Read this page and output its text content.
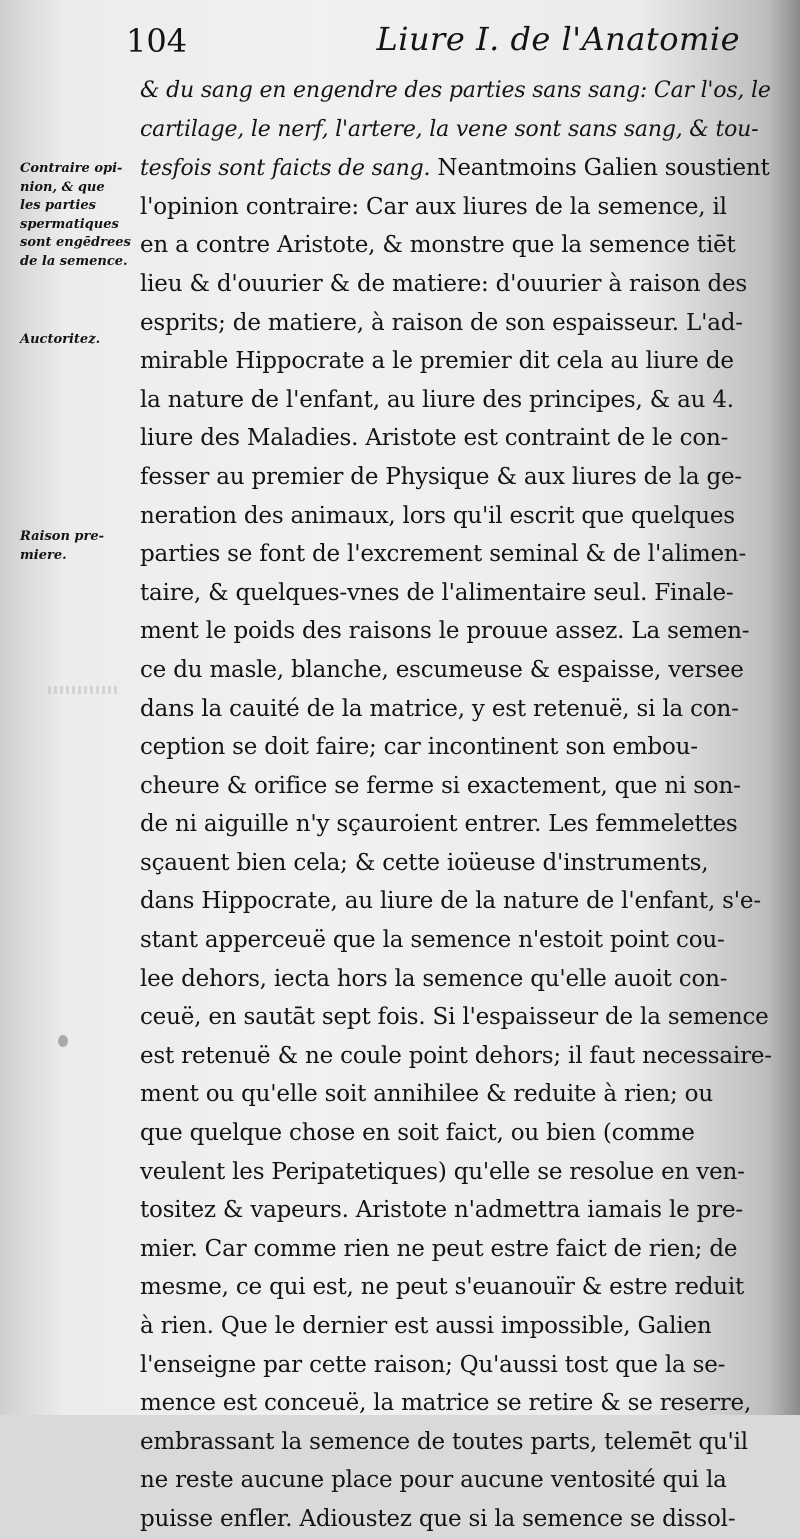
104	Liure I. de l'Anatomie
Contraire opi-
nion, & que
les parties
spermatiques
sont engēdrees
de la semence.
Auctoritez.
Raison pre-
miere.
& du sang en engendre des parties sans sang: Car l'os, le
cartilage, le nerf, l'artere, la vene sont sans sang, & tou-
tesfois sont faicts de sang. Neantmoins Galien soustient
l'opinion contraire: Car aux liures de la semence, il
en a contre Aristote, & monstre que la semence tiēt
lieu & d'ouurier & de matiere: d'ouurier à raison des
esprits; de matiere, à raison de son espaisseur. L'ad-
mirable Hippocrate a le premier dit cela au liure de
la nature de l'enfant, au liure des principes, & au 4.
liure des Maladies. Aristote est contraint de le con-
fesser au premier de Physique & aux liures de la ge-
neration des animaux, lors qu'il escrit que quelques
parties se font de l'excrement seminal & de l'alimen-
taire, & quelques-vnes de l'alimentaire seul. Finale-
ment le poids des raisons le prouue assez. La semen-
ce du masle, blanche, escumeuse & espaisse, versee
dans la cauité de la matrice, y est retenuë, si la con-
ception se doit faire; car incontinent son embou-
cheure & orifice se ferme si exactement, que ni son-
de ni aiguille n'y sçauroient entrer. Les femmelettes
sçauent bien cela; & cette ioüeuse d'instruments,
dans Hippocrate, au liure de la nature de l'enfant, s'e-
stant apperceuë que la semence n'estoit point cou-
lee dehors, iecta hors la semence qu'elle auoit con-
ceuë, en sautāt sept fois. Si l'espaisseur de la semence
est retenuë & ne coule point dehors; il faut necessaire-
ment ou qu'elle soit annihilee & reduite à rien; ou
que quelque chose en soit faict, ou bien (comme
veulent les Peripatetiques) qu'elle se resolue en ven-
tositez & vapeurs. Aristote n'admettra iamais le pre-
mier. Car comme rien ne peut estre faict de rien; de
mesme, ce qui est, ne peut s'euanouïr & estre reduit
à rien. Que le dernier est aussi impossible, Galien
l'enseigne par cette raison; Qu'aussi tost que la se-
mence est conceuë, la matrice se retire & se reserre,
embrassant la semence de toutes parts, telemēt qu'il
ne reste aucune place pour aucune ventosité qui la
puisse enfler. Adioustez que si la semence se dissol-
